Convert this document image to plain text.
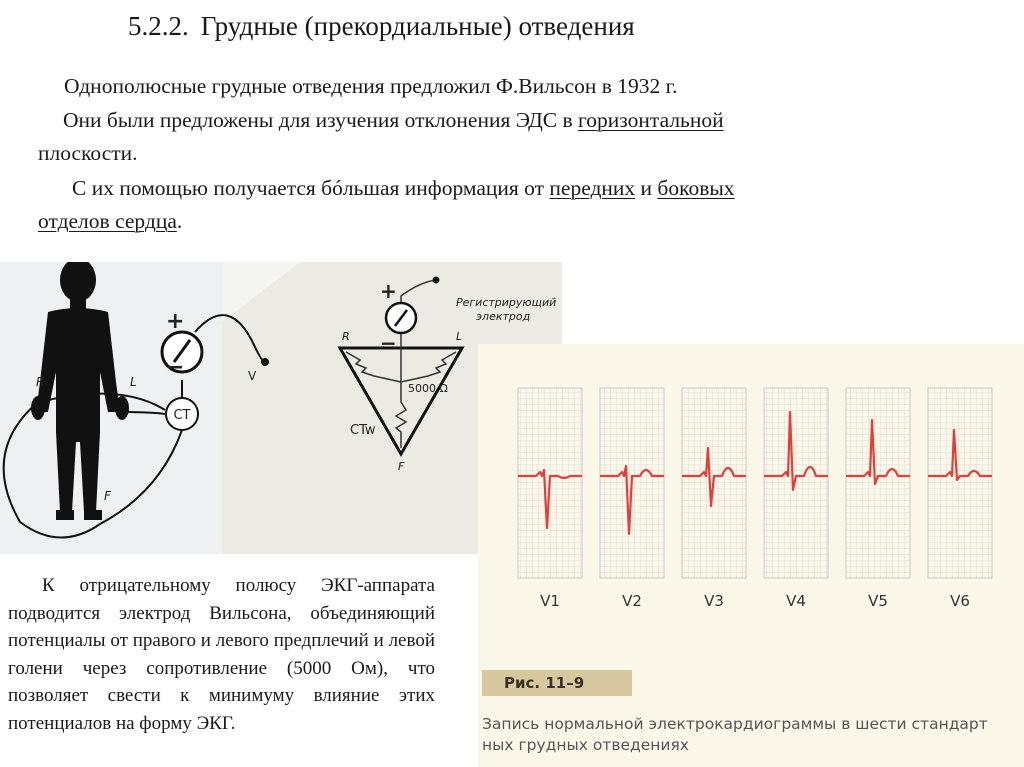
5.2.2. Грудные (прекордиальные) отведения
Однополюсные грудные отведения предложил Ф.Вильсон в 1932 г.
Они были предложены для изучения отклонения ЭДС в горизонтальной
плоскости.
С их помощью получается бóльшая информация от передних и боковых
отделов сердца.
CT
+
−	V
R	L
F
+
−
Регистрирующий
электрод
5000 Ω
CTw
R	L
F
К отрицательному полюсу ЭКГ-аппарата подводится электрод Вильсона, объединяющий потенциалы от правого и левого предплечий и левой голени через сопротивление (5000 Ом), что позволяет свести к минимуму влияние этих потенциалов на форму ЭКГ.
V1	V2	V3	V4	V5	V6
Рис. 11–9
Запись нормальной электрокардиограммы в шести стандарт
ных грудных отведениях
